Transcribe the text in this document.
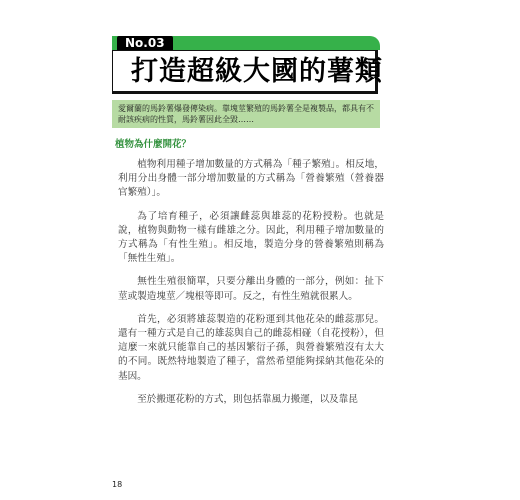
No.03
打造超級大國的薯類
愛爾蘭的馬鈴薯爆發傳染病。靠塊莖繁殖的馬鈴薯全是複製品，都具有不耐該疾病的性質，馬鈴薯因此全毀……
植物為什麼開花？

植物利用種子增加數量的方式稱為「種子繁殖」。相反地，利用分出身體一部分增加數量的方式稱為「營養繁殖（營養器官繁殖）」。

為了培育種子，必須讓雌蕊與雄蕊的花粉授粉。也就是說，植物與動物一樣有雌雄之分。因此，利用種子增加數量的方式稱為「有性生殖」。相反地，製造分身的營養繁殖則稱為「無性生殖」。

無性生殖很簡單，只要分離出身體的一部分，例如：扯下莖或製造塊莖／塊根等即可。反之，有性生殖就很累人。

首先，必須將雄蕊製造的花粉運到其他花朵的雌蕊那兒。還有一種方式是自己的雄蕊與自己的雌蕊相碰（自花授粉），但這麼一來就只能靠自己的基因繁衍子孫，與營養繁殖沒有太大的不同。既然特地製造了種子，當然希望能夠採納其他花朵的基因。

至於搬運花粉的方式，則包括靠風力搬運，以及靠昆

18
